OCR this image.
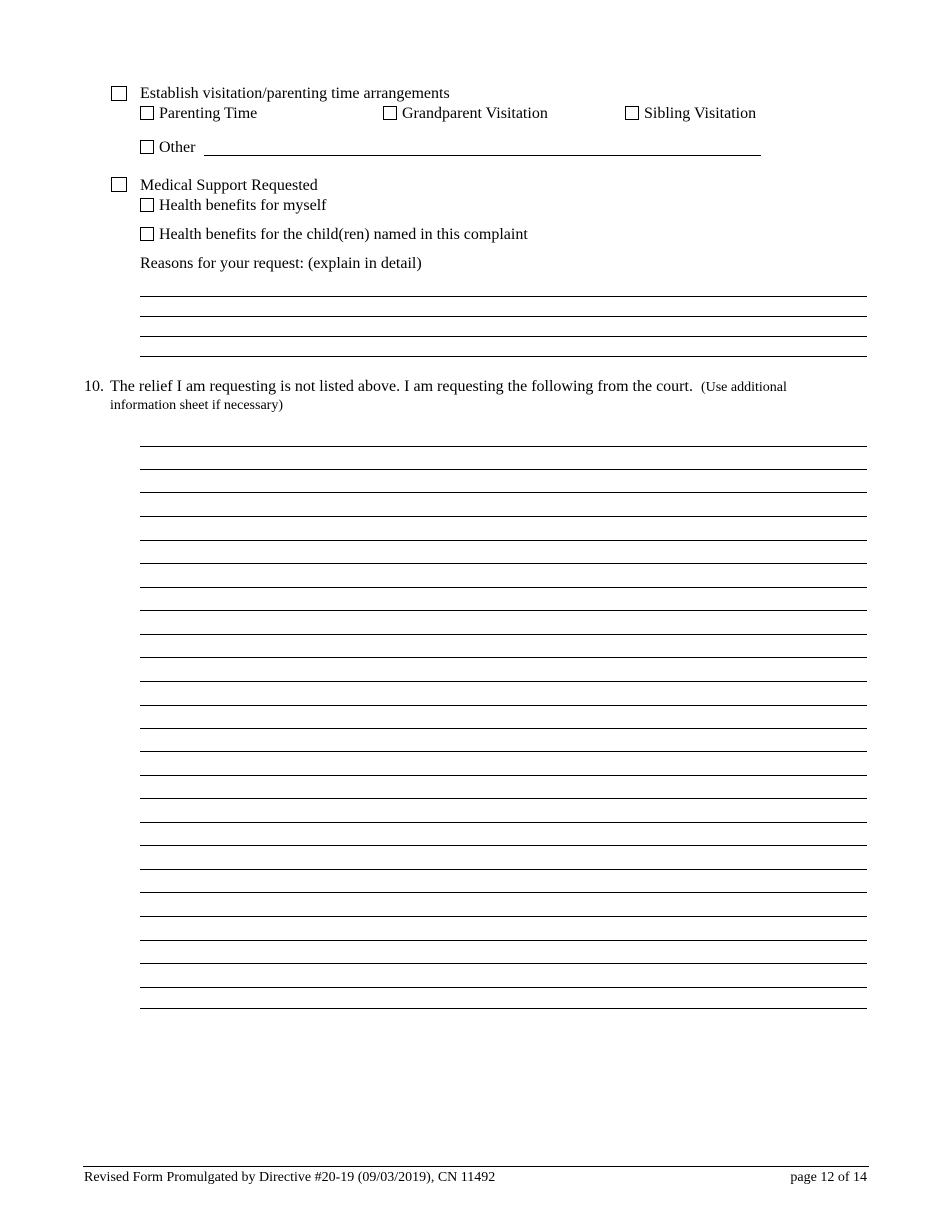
Establish visitation/parenting time arrangements
Parenting Time	Grandparent Visitation	Sibling Visitation
Other
Medical Support Requested
Health benefits for myself
Health benefits for the child(ren) named in this complaint
Reasons for your request: (explain in detail)
10. The relief I am requesting is not listed above. I am requesting the following from the court. (Use additional
information sheet if necessary)
Revised Form Promulgated by Directive #20-19 (09/03/2019), CN 11492	page 12 of 14
